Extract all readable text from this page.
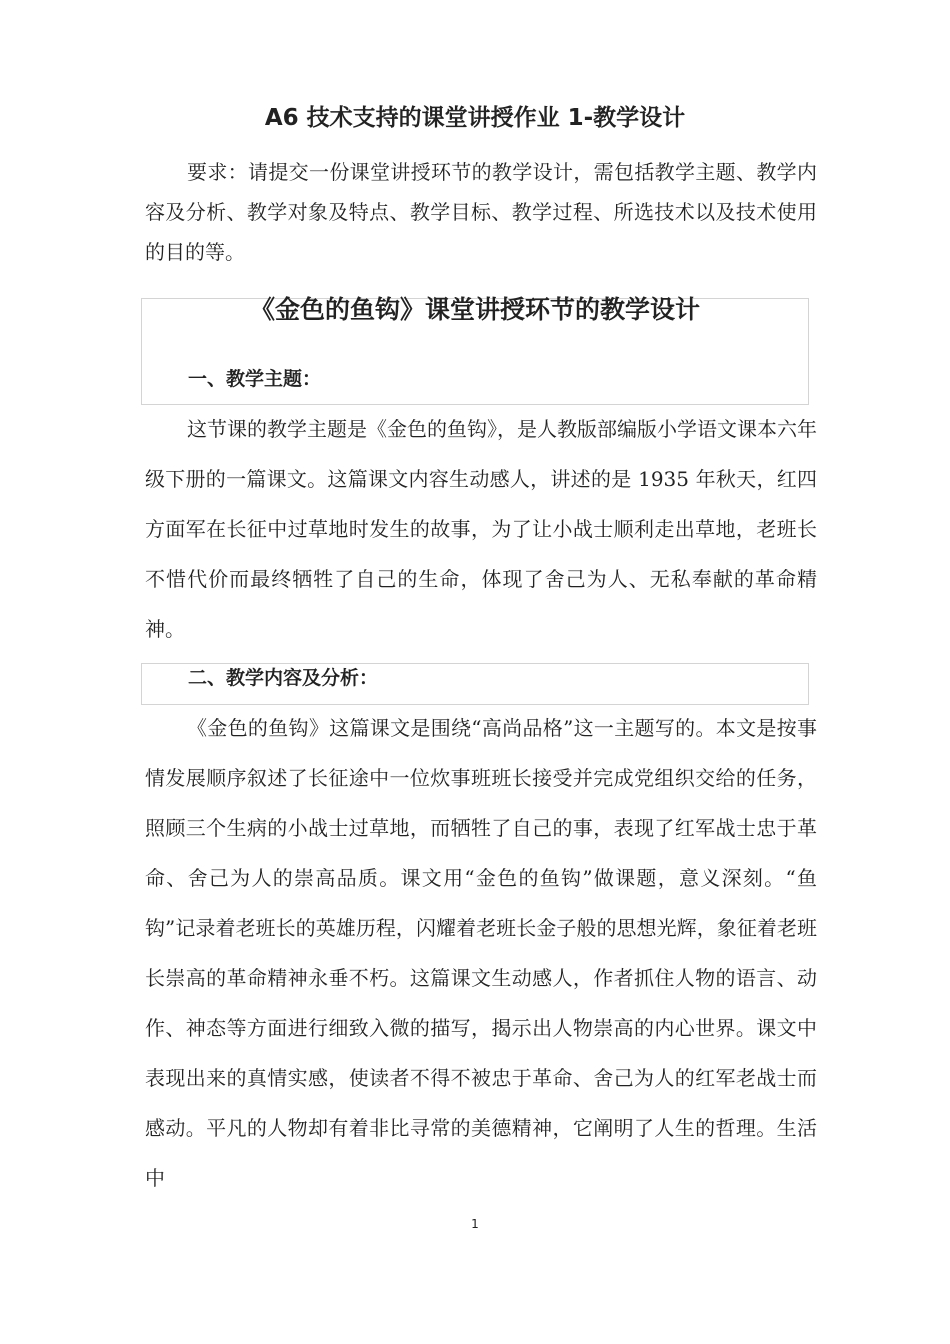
A6 技术支持的课堂讲授作业 1-教学设计

要求：请提交一份课堂讲授环节的教学设计，需包括教学主题、教学内容及分析、教学对象及特点、教学目标、教学过程、所选技术以及技术使用的目的等。

《金色的鱼钩》课堂讲授环节的教学设计
一、教学主题：

这节课的教学主题是《金色的鱼钩》，是人教版部编版小学语文课本六年级下册的一篇课文。这篇课文内容生动感人，讲述的是 1935 年秋天，红四方面军在长征中过草地时发生的故事，为了让小战士顺利走出草地，老班长不惜代价而最终牺牲了自己的生命，体现了舍己为人、无私奉献的革命精神。

二、教学内容及分析：

《金色的鱼钩》这篇课文是围绕“高尚品格”这一主题写的。本文是按事情发展顺序叙述了长征途中一位炊事班班长接受并完成党组织交给的任务，照顾三个生病的小战士过草地，而牺牲了自己的事，表现了红军战士忠于革命、舍己为人的崇高品质。课文用“金色的鱼钩”做课题，意义深刻。“鱼钩”记录着老班长的英雄历程，闪耀着老班长金子般的思想光辉，象征着老班长崇高的革命精神永垂不朽。这篇课文生动感人，作者抓住人物的语言、动作、神态等方面进行细致入微的描写，揭示出人物崇高的内心世界。课文中表现出来的真情实感，使读者不得不被忠于革命、舍己为人的红军老战士而感动。平凡的人物却有着非比寻常的美德精神，它阐明了人生的哲理。生活中

1
